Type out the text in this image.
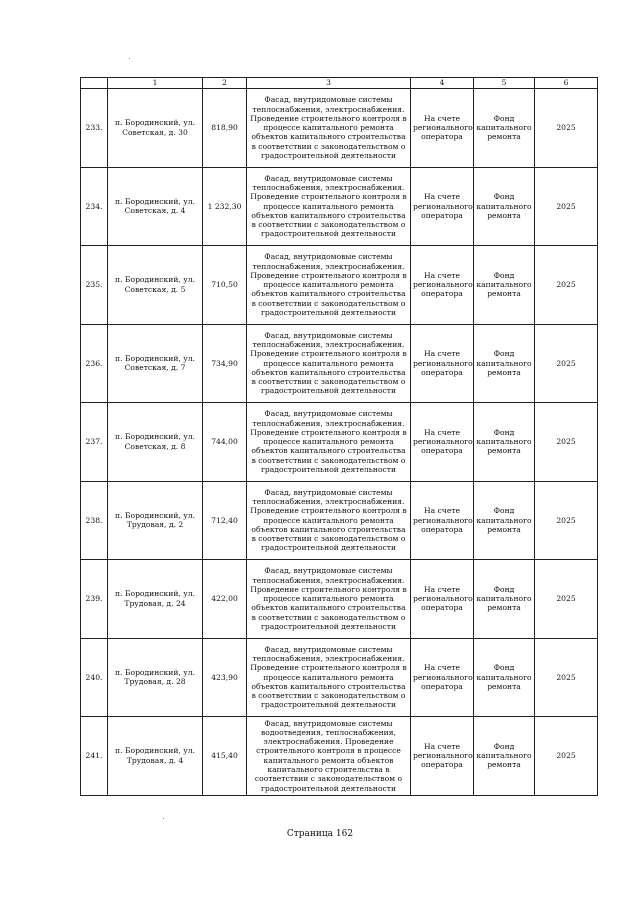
	1	2	3	4	5	6
233.	п. Бородинский, ул. Советская, д. 30	818,90	Фасад, внутридомовые системы теплоснабжения, электроснабжения. Проведение строительного контроля в процессе капитального ремонта объектов капитального строительства в соответствии с законодательством о градостроительной деятельности	На счете регионального оператора	Фонд капитального ремонта	2025
234.	п. Бородинский, ул. Советская, д. 4	1 232,30	Фасад, внутридомовые системы теплоснабжения, электроснабжения. Проведение строительного контроля в процессе капитального ремонта объектов капитального строительства в соответствии с законодательством о градостроительной деятельности	На счете регионального оператора	Фонд капитального ремонта	2025
235.	п. Бородинский, ул. Советская, д. 5	710,50	Фасад, внутридомовые системы теплоснабжения, электроснабжения. Проведение строительного контроля в процессе капитального ремонта объектов капитального строительства в соответствии с законодательством о градостроительной деятельности	На счете регионального оператора	Фонд капитального ремонта	2025
236.	п. Бородинский, ул. Советская, д. 7	734,90	Фасад, внутридомовые системы теплоснабжения, электроснабжения. Проведение строительного контроля в процессе капитального ремонта объектов капитального строительства в соответствии с законодательством о градостроительной деятельности	На счете регионального оператора	Фонд капитального ремонта	2025
237.	п. Бородинский, ул. Советская, д. 8	744,00	Фасад, внутридомовые системы теплоснабжения, электроснабжения. Проведение строительного контроля в процессе капитального ремонта объектов капитального строительства в соответствии с законодательством о градостроительной деятельности	На счете регионального оператора	Фонд капитального ремонта	2025
238.	п. Бородинский, ул. Трудовая, д. 2	712,40	Фасад, внутридомовые системы теплоснабжения, электроснабжения. Проведение строительного контроля в процессе капитального ремонта объектов капитального строительства в соответствии с законодательством о градостроительной деятельности	На счете регионального оператора	Фонд капитального ремонта	2025
239.	п. Бородинский, ул. Трудовая, д. 24	422,00	Фасад, внутридомовые системы теплоснабжения, электроснабжения. Проведение строительного контроля в процессе капитального ремонта объектов капитального строительства в соответствии с законодательством о градостроительной деятельности	На счете регионального оператора	Фонд капитального ремонта	2025
240.	п. Бородинский, ул. Трудовая, д. 28	423,90	Фасад, внутридомовые системы теплоснабжения, электроснабжения. Проведение строительного контроля в процессе капитального ремонта объектов капитального строительства в соответствии с законодательством о градостроительной деятельности	На счете регионального оператора	Фонд капитального ремонта	2025
241.	п. Бородинский, ул. Трудовая, д. 4	415,40	Фасад, внутридомовые системы водоотведения, теплоснабжения, электроснабжения. Проведение строительного контроля в процессе капитального ремонта объектов капитального строительства в соответствии с законодательством о градостроительной деятельности	На счете регионального оператора	Фонд капитального ремонта	2025
Страница 162
